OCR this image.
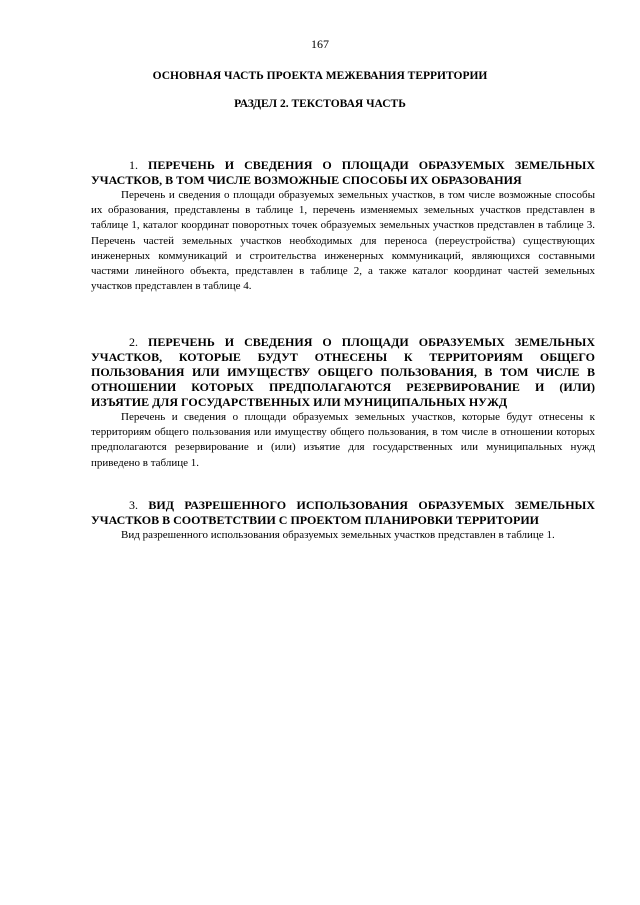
167
ОСНОВНАЯ ЧАСТЬ ПРОЕКТА МЕЖЕВАНИЯ ТЕРРИТОРИИ
РАЗДЕЛ 2. ТЕКСТОВАЯ ЧАСТЬ

1. ПЕРЕЧЕНЬ И СВЕДЕНИЯ О ПЛОЩАДИ ОБРАЗУЕМЫХ ЗЕМЕЛЬНЫХ УЧАСТКОВ, В ТОМ ЧИСЛЕ ВОЗМОЖНЫЕ СПОСОБЫ ИХ ОБРАЗОВАНИЯ

Перечень и сведения о площади образуемых земельных участков, в том числе возможные способы их образования, представлены в таблице 1, перечень изменяемых земельных участков представлен в таблице 1, каталог координат поворотных точек образуемых земельных участков представлен в таблице 3. Перечень частей земельных участков необходимых для переноса (переустройства) существующих инженерных коммуникаций и строительства инженерных коммуникаций, являющихся составными частями линейного объекта, представлен в таблице 2, а также каталог координат частей земельных участков представлен в таблице 4.

2. ПЕРЕЧЕНЬ И СВЕДЕНИЯ О ПЛОЩАДИ ОБРАЗУЕМЫХ ЗЕМЕЛЬНЫХ УЧАСТКОВ, КОТОРЫЕ БУДУТ ОТНЕСЕНЫ К ТЕРРИТОРИЯМ ОБЩЕГО ПОЛЬЗОВАНИЯ ИЛИ ИМУЩЕСТВУ ОБЩЕГО ПОЛЬЗОВАНИЯ, В ТОМ ЧИСЛЕ В ОТНОШЕНИИ КОТОРЫХ ПРЕДПОЛАГАЮТСЯ РЕЗЕРВИРОВАНИЕ И (ИЛИ) ИЗЪЯТИЕ ДЛЯ ГОСУДАРСТВЕННЫХ ИЛИ МУНИЦИПАЛЬНЫХ НУЖД

Перечень и сведения о площади образуемых земельных участков, которые будут отнесены к территориям общего пользования или имуществу общего пользования, в том числе в отношении которых предполагаются резервирование и (или) изъятие для государственных или муниципальных нужд приведено в таблице 1.

3. ВИД РАЗРЕШЕННОГО ИСПОЛЬЗОВАНИЯ ОБРАЗУЕМЫХ ЗЕМЕЛЬНЫХ УЧАСТКОВ В СООТВЕТСТВИИ С ПРОЕКТОМ ПЛАНИРОВКИ ТЕРРИТОРИИ

Вид разрешенного использования образуемых земельных участков представлен в таблице 1.
